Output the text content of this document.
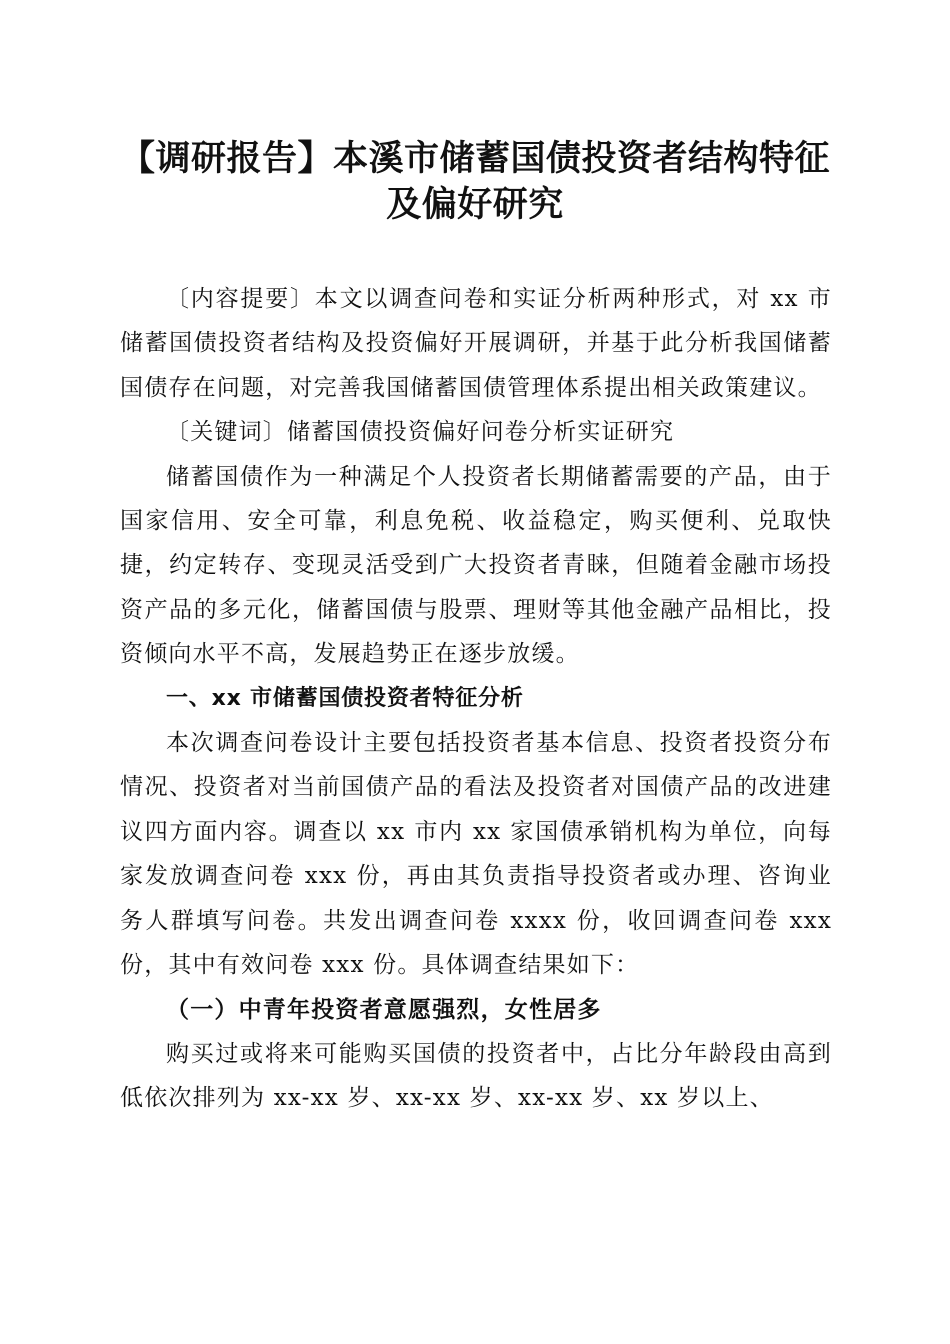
【调研报告】本溪市储蓄国债投资者结构特征
及偏好研究

〔内容提要〕本文以调查问卷和实证分析两种形式，对 xx 市储蓄国债投资者结构及投资偏好开展调研，并基于此分析我国储蓄国债存在问题，对完善我国储蓄国债管理体系提出相关政策建议。

〔关键词〕储蓄国债投资偏好问卷分析实证研究

储蓄国债作为一种满足个人投资者长期储蓄需要的产品，由于国家信用、安全可靠，利息免税、收益稳定，购买便利、兑取快捷，约定转存、变现灵活受到广大投资者青睐，但随着金融市场投资产品的多元化，储蓄国债与股票、理财等其他金融产品相比，投资倾向水平不高，发展趋势正在逐步放缓。

一、xx 市储蓄国债投资者特征分析

本次调查问卷设计主要包括投资者基本信息、投资者投资分布情况、投资者对当前国债产品的看法及投资者对国债产品的改进建议四方面内容。调查以 xx 市内 xx 家国债承销机构为单位，向每家发放调查问卷 xxx 份，再由其负责指导投资者或办理、咨询业务人群填写问卷。共发出调查问卷 xxxx 份，收回调查问卷 xxx 份，其中有效问卷 xxx 份。具体调查结果如下：

（一）中青年投资者意愿强烈，女性居多

购买过或将来可能购买国债的投资者中，占比分年龄段由高到低依次排列为 xx-xx 岁、xx-xx 岁、xx-xx 岁、xx 岁以上、
